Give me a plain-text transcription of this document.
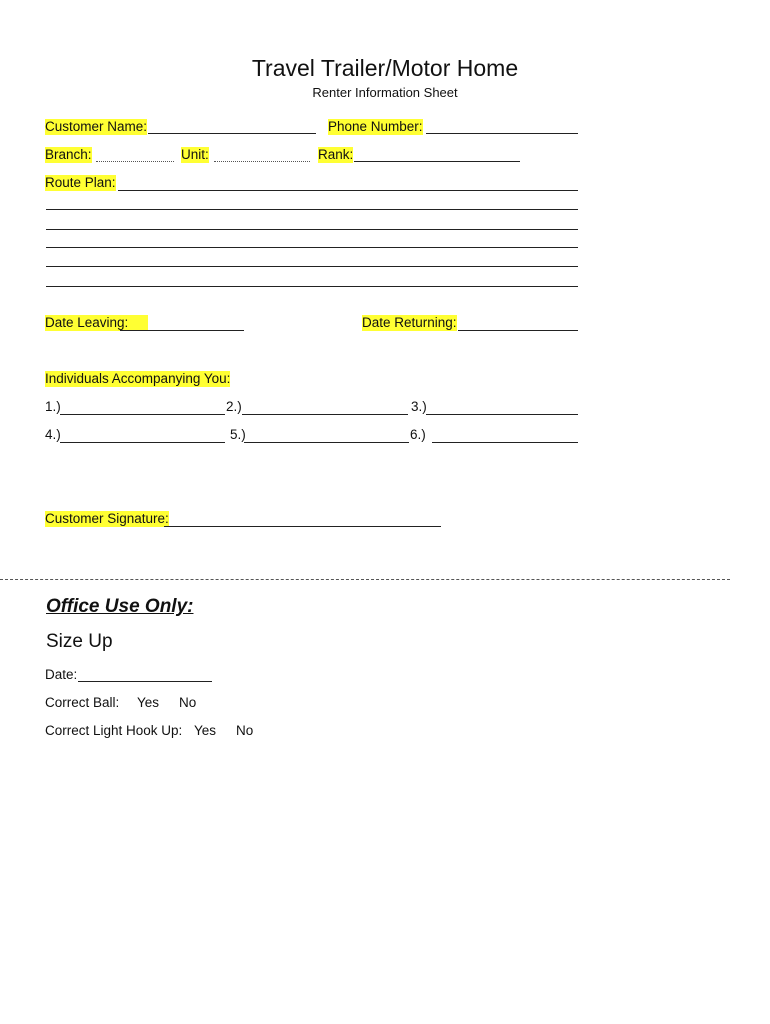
Travel Trailer/Motor Home
Renter Information Sheet
Customer Name:	Phone Number:
Branch:	Unit:	Rank:
Route Plan:
Date Leaving:	Date Returning:
Individuals Accompanying You:
1.)	2.)	3.)
4.)	5.)	6.)
Customer Signature:
Office Use Only:
Size Up
Date:
Correct Ball: Yes No
Correct Light Hook Up: Yes No
